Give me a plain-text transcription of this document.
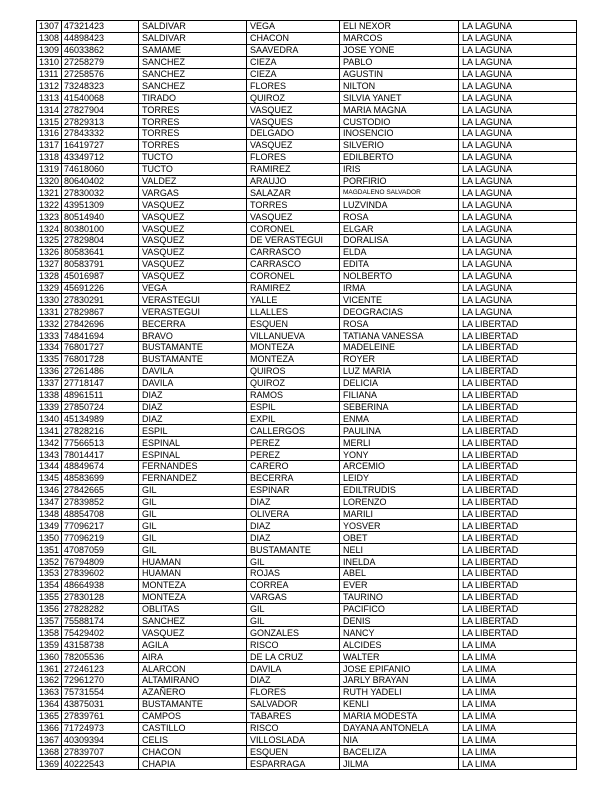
1307	47321423	SALDIVAR	VEGA	ELI NEXOR	LA LAGUNA
1308	44898423	SALDIVAR	CHACON	MARCOS	LA LAGUNA
1309	46033862	SAMAME	SAAVEDRA	JOSE YONE	LA LAGUNA
1310	27258279	SANCHEZ	CIEZA	PABLO	LA LAGUNA
1311	27258576	SANCHEZ	CIEZA	AGUSTIN	LA LAGUNA
1312	73248323	SANCHEZ	FLORES	NILTON	LA LAGUNA
1313	41540068	TIRADO	QUIROZ	SILVIA YANET	LA LAGUNA
1314	27827904	TORRES	VASQUEZ	MARIA MAGNA	LA LAGUNA
1315	27829313	TORRES	VASQUES	CUSTODIO	LA LAGUNA
1316	27843332	TORRES	DELGADO	INOSENCIO	LA LAGUNA
1317	16419727	TORRES	VASQUEZ	SILVERIO	LA LAGUNA
1318	43349712	TUCTO	FLORES	EDILBERTO	LA LAGUNA
1319	74618060	TUCTO	RAMIREZ	IRIS	LA LAGUNA
1320	80640402	VALDEZ	ARAUJO	PORFIRIO	LA LAGUNA
1321	27830032	VARGAS	SALAZAR	MAGDALENO SALVADOR	LA LAGUNA
1322	43951309	VASQUEZ	TORRES	LUZVINDA	LA LAGUNA
1323	80514940	VASQUEZ	VASQUEZ	ROSA	LA LAGUNA
1324	80380100	VASQUEZ	CORONEL	ELGAR	LA LAGUNA
1325	27829804	VASQUEZ	DE VERASTEGUI	DORALISA	LA LAGUNA
1326	80583641	VASQUEZ	CARRASCO	ELDA	LA LAGUNA
1327	80583791	VASQUEZ	CARRASCO	EDITA	LA LAGUNA
1328	45016987	VASQUEZ	CORONEL	NOLBERTO	LA LAGUNA
1329	45691226	VEGA	RAMIREZ	IRMA	LA LAGUNA
1330	27830291	VERASTEGUI	YALLE	VICENTE	LA LAGUNA
1331	27829867	VERASTEGUI	LLALLES	DEOGRACIAS	LA LAGUNA
1332	27842696	BECERRA	ESQUEN	ROSA	LA LIBERTAD
1333	74841694	BRAVO	VILLANUEVA	TATIANA VANESSA	LA LIBERTAD
1334	76801727	BUSTAMANTE	MONTEZA	MADELEINE	LA LIBERTAD
1335	76801728	BUSTAMANTE	MONTEZA	ROYER	LA LIBERTAD
1336	27261486	DAVILA	QUIROS	LUZ MARIA	LA LIBERTAD
1337	27718147	DAVILA	QUIROZ	DELICIA	LA LIBERTAD
1338	48961511	DIAZ	RAMOS	FILIANA	LA LIBERTAD
1339	27850724	DIAZ	ESPIL	SEBERINA	LA LIBERTAD
1340	45134989	DIAZ	EXPIL	ENMA	LA LIBERTAD
1341	27828216	ESPIL	CALLERGOS	PAULINA	LA LIBERTAD
1342	77566513	ESPINAL	PEREZ	MERLI	LA LIBERTAD
1343	78014417	ESPINAL	PEREZ	YONY	LA LIBERTAD
1344	48849674	FERNANDES	CARERO	ARCEMIO	LA LIBERTAD
1345	48583699	FERNANDEZ	BECERRA	LEIDY	LA LIBERTAD
1346	27842665	GIL	ESPINAR	EDILTRUDIS	LA LIBERTAD
1347	27839852	GIL	DIAZ	LORENZO	LA LIBERTAD
1348	48854708	GIL	OLIVERA	MARILI	LA LIBERTAD
1349	77096217	GIL	DIAZ	YOSVER	LA LIBERTAD
1350	77096219	GIL	DIAZ	OBET	LA LIBERTAD
1351	47087059	GIL	BUSTAMANTE	NELI	LA LIBERTAD
1352	76794809	HUAMAN	GIL	INELDA	LA LIBERTAD
1353	27839602	HUAMAN	ROJAS	ABEL	LA LIBERTAD
1354	48664938	MONTEZA	CORREA	EVER	LA LIBERTAD
1355	27830128	MONTEZA	VARGAS	TAURINO	LA LIBERTAD
1356	27828282	OBLITAS	GIL	PACIFICO	LA LIBERTAD
1357	75588174	SANCHEZ	GIL	DENIS	LA LIBERTAD
1358	75429402	VASQUEZ	GONZALES	NANCY	LA LIBERTAD
1359	43158738	AGILA	RISCO	ALCIDES	LA LIMA
1360	78205536	AIRA	DE LA CRUZ	WALTER	LA LIMA
1361	27246123	ALARCON	DAVILA	JOSE EPIFANIO	LA LIMA
1362	72961270	ALTAMIRANO	DIAZ	JARLY BRAYAN	LA LIMA
1363	75731554	AZAÑERO	FLORES	RUTH YADELI	LA LIMA
1364	43875031	BUSTAMANTE	SALVADOR	KENLI	LA LIMA
1365	27839761	CAMPOS	TABARES	MARIA MODESTA	LA LIMA
1366	71724973	CASTILLO	RISCO	DAYANA ANTONELA	LA LIMA
1367	40309394	CELIS	VILLOSLADA	NIA	LA LIMA
1368	27839707	CHACON	ESQUEN	BACELIZA	LA LIMA
1369	40222543	CHAPIA	ESPARRAGA	JILMA	LA LIMA
